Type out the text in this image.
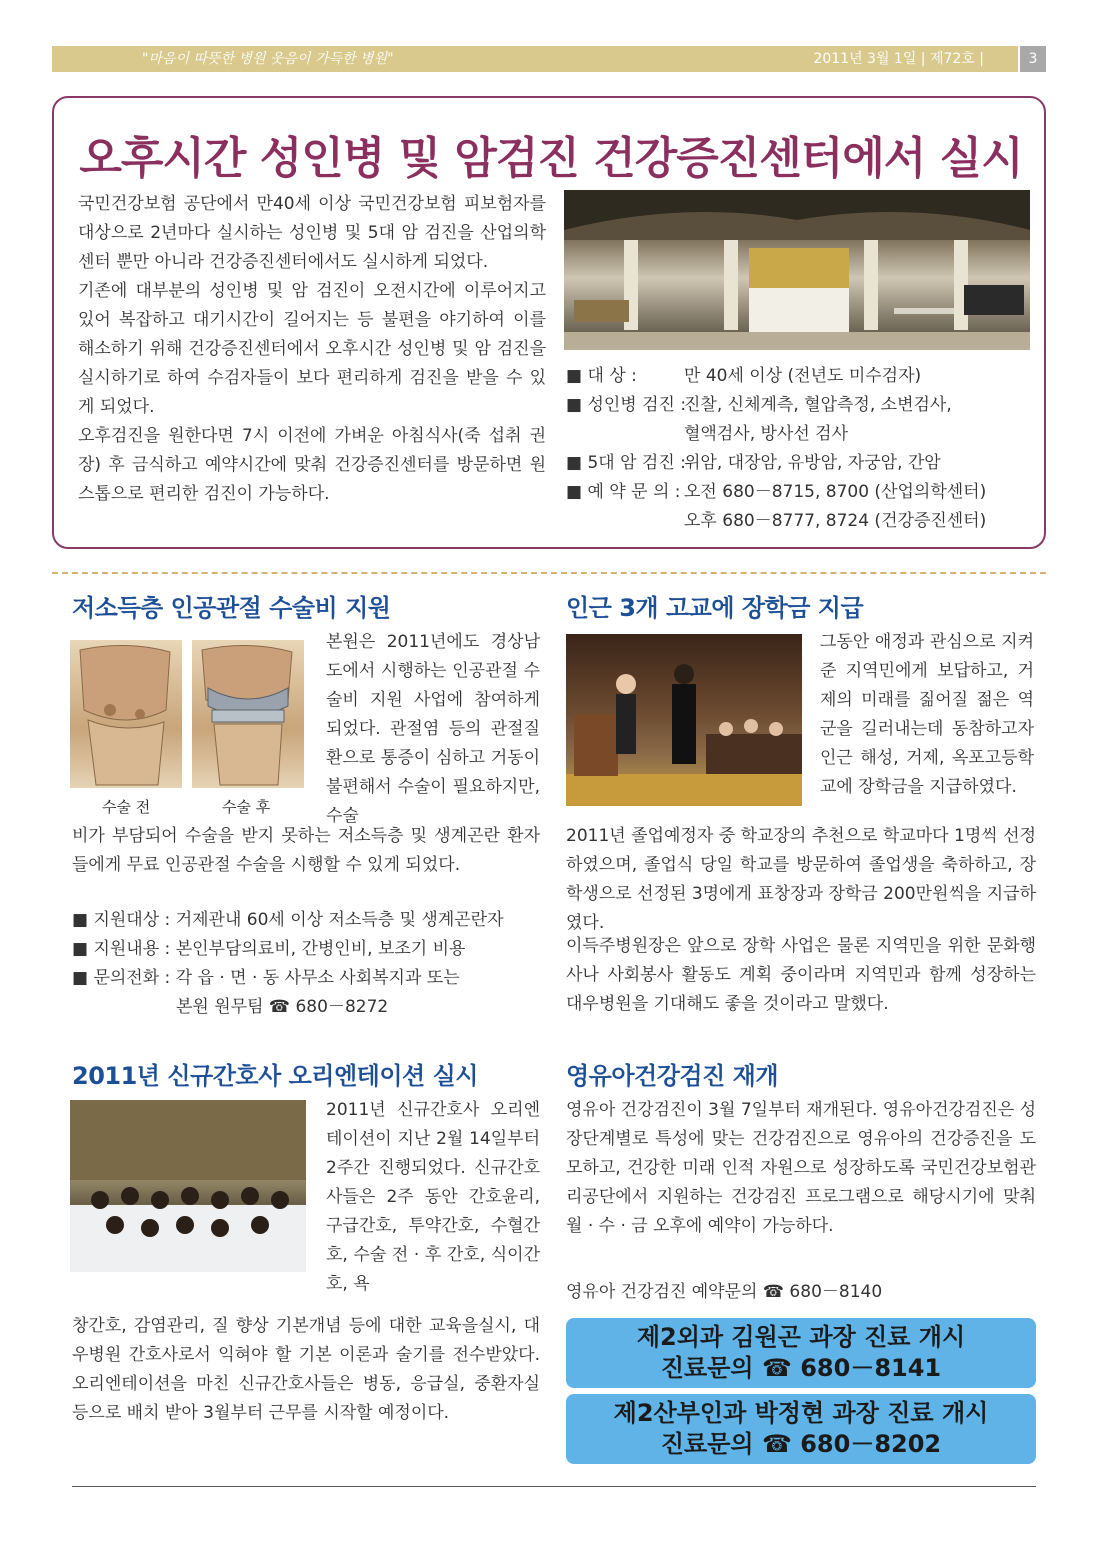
"마음이 따뜻한 병원 웃음이 가득한 병원"	2011년 3월 1일 | 제72호 |	3
오후시간 성인병 및 암검진 건강증진센터에서 실시

국민건강보험 공단에서 만40세 이상 국민건강보험 피보험자를 대상으로 2년마다 실시하는 성인병 및 5대 암 검진을 산업의학센터 뿐만 아니라 건강증진센터에서도 실시하게 되었다.

기존에 대부분의 성인병 및 암 검진이 오전시간에 이루어지고 있어 복잡하고 대기시간이 길어지는 등 불편을 야기하여 이를 해소하기 위해 건강증진센터에서 오후시간 성인병 및 암 검진을 실시하기로 하여 수검자들이 보다 편리하게 검진을 받을 수 있게 되었다.

오후검진을 원한다면 7시 이전에 가벼운 아침식사(죽 섭취 권장) 후 금식하고 예약시간에 맞춰 건강증진센터를 방문하면 원스톱으로 편리한 검진이 가능하다.

■ 대 상 :	만 40세 이상 (전년도 미수검자)
■ 성인병 검진 :
진찰, 신체계측, 혈압측정, 소변검사,
혈액검사, 방사선 검사
■ 5대 암 검진 :
위암, 대장암, 유방암, 자궁암, 간암
■ 예 약 문 의 : 오전 680－8715, 8700 (산업의학센터)
오후 680－8777, 8724 (건강증진센터)
저소득층 인공관절 수술비 지원
수술 전	수술 후

본원은 2011년에도 경상남도에서 시행하는 인공관절 수술비 지원 사업에 참여하게 되었다. 관절염 등의 관절질환으로 통증이 심하고 거동이 불편해서 수술이 필요하지만, 수술

비가 부담되어 수술을 받지 못하는 저소득층 및 생계곤란 환자들에게 무료 인공관절 수술을 시행할 수 있게 되었다.

■ 지원대상 : 거제관내 60세 이상 저소득층 및 생계곤란자
■ 지원내용 : 본인부담의료비, 간병인비, 보조기 비용
■ 문의전화 : 각 읍 · 면 · 동 사무소 사회복지과 또는
본원 원무팀 ☎ 680－8272
인근 3개 고교에 장학금 지급

그동안 애정과 관심으로 지켜준 지역민에게 보답하고, 거제의 미래를 짊어질 젊은 역군을 길러내는데 동참하고자 인근 해성, 거제, 옥포고등학교에 장학금을 지급하였다.

2011년 졸업예정자 중 학교장의 추천으로 학교마다 1명씩 선정하였으며, 졸업식 당일 학교를 방문하여 졸업생을 축하하고, 장학생으로 선정된 3명에게 표창장과 장학금 200만원씩을 지급하였다.

이득주병원장은 앞으로 장학 사업은 물론 지역민을 위한 문화행사나 사회봉사 활동도 계획 중이라며 지역민과 함께 성장하는 대우병원을 기대해도 좋을 것이라고 말했다.

2011년 신규간호사 오리엔테이션 실시

2011년 신규간호사 오리엔테이션이 지난 2월 14일부터 2주간 진행되었다. 신규간호사들은 2주 동안 간호윤리, 구급간호, 투약간호, 수혈간호, 수술 전 · 후 간호, 식이간호, 욕

창간호, 감염관리, 질 향상 기본개념 등에 대한 교육을실시, 대우병원 간호사로서 익혀야 할 기본 이론과 술기를 전수받았다. 오리엔테이션을 마친 신규간호사들은 병동, 응급실, 중환자실 등으로 배치 받아 3월부터 근무를 시작할 예정이다.

영유아건강검진 재개

영유아 건강검진이 3월 7일부터 재개된다. 영유아건강검진은 성장단계별로 특성에 맞는 건강검진으로 영유아의 건강증진을 도모하고, 건강한 미래 인적 자원으로 성장하도록 국민건강보험관리공단에서 지원하는 건강검진 프로그램으로 해당시기에 맞춰 월 · 수 · 금 오후에 예약이 가능하다.

영유아 건강검진 예약문의 ☎ 680－8140
제2외과 김원곤 과장 진료 개시
진료문의 ☎ 680－8141
제2산부인과 박정현 과장 진료 개시
진료문의 ☎ 680－8202
